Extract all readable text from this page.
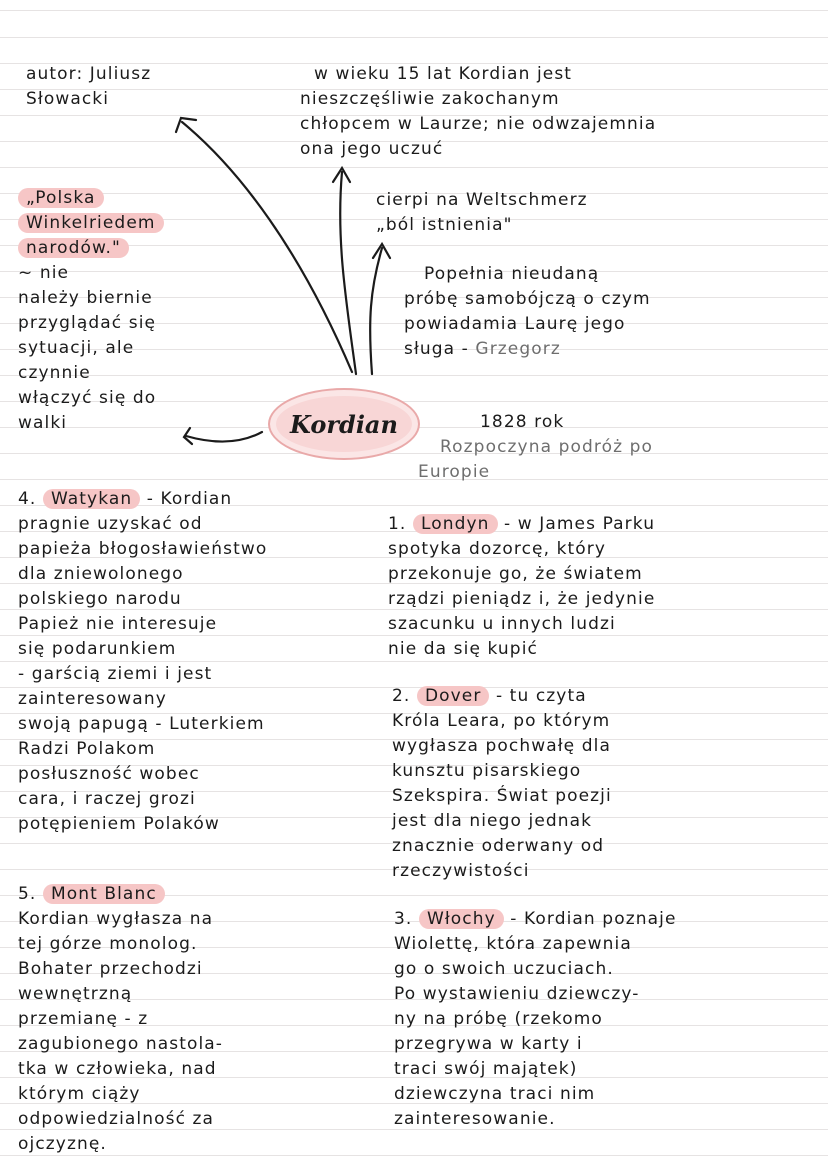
autor: Juliusz
Słowacki
w wieku 15 lat Kordian jest
nieszczęśliwie zakochanym
chłopcem w Laurze; nie odwzajemnia
ona jego uczuć
cierpi na Weltschmerz
„ból istnienia"
Popełnia nieudaną
próbę samobójczą o czym
powiadamia Laurę jego
sługa - Grzegorz
„Polska
Winkelriedem
narodów."
~ nie
należy biernie
przyglądać się
sytuacji, ale
czynnie
włączyć się do
walki	Kordian	1828 rok
Rozpoczyna podróż po
Europie
4. Watykan - Kordian
pragnie uzyskać od
papieża błogosławieństwo
dla zniewolonego
polskiego narodu
Papież nie interesuje
się podarunkiem
- garścią ziemi i jest
zainteresowany
swoją papugą - Luterkiem
Radzi Polakom
posłuszność wobec
cara, i raczej grozi
potępieniem Polaków
1. Londyn - w James Parku
spotyka dozorcę, który
przekonuje go, że światem
rządzi pieniądz i, że jedynie
szacunku u innych ludzi
nie da się kupić
2. Dover - tu czyta
Króla Leara, po którym
wygłasza pochwałę dla
kunsztu pisarskiego
Szekspira. Świat poezji
jest dla niego jednak
znacznie oderwany od
rzeczywistości
5. Mont Blanc
Kordian wygłasza na
tej górze monolog.
Bohater przechodzi
wewnętrzną
przemianę - z
zagubionego nastola-
tka w człowieka, nad
którym ciąży
odpowiedzialność za
ojczyznę.
3. Włochy - Kordian poznaje
Wiolettę, która zapewnia
go o swoich uczuciach.
Po wystawieniu dziewczy-
ny na próbę (rzekomo
przegrywa w karty i
traci swój majątek)
dziewczyna traci nim
zainteresowanie.
